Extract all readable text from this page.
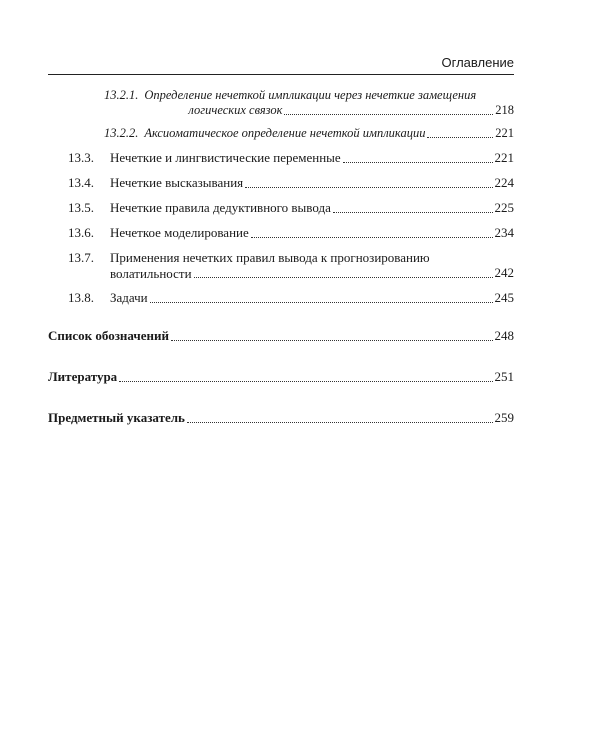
Оглавление
13.2.1. Определение нечеткой импликации через нечеткие замещения
логических связок	218
13.2.2. Аксиоматическое определение нечеткой импликации	221
13.3.	Нечеткие и лингвистические переменные	221
13.4.	Нечеткие высказывания	224
13.5.	Нечеткие правила дедуктивного вывода	225
13.6.	Нечеткое моделирование	234
13.7.	Применения нечетких правил вывода к прогнозированию
волатильности	242
13.8.	Задачи	245
Список обозначений	248
Литература	251
Предметный указатель	259
